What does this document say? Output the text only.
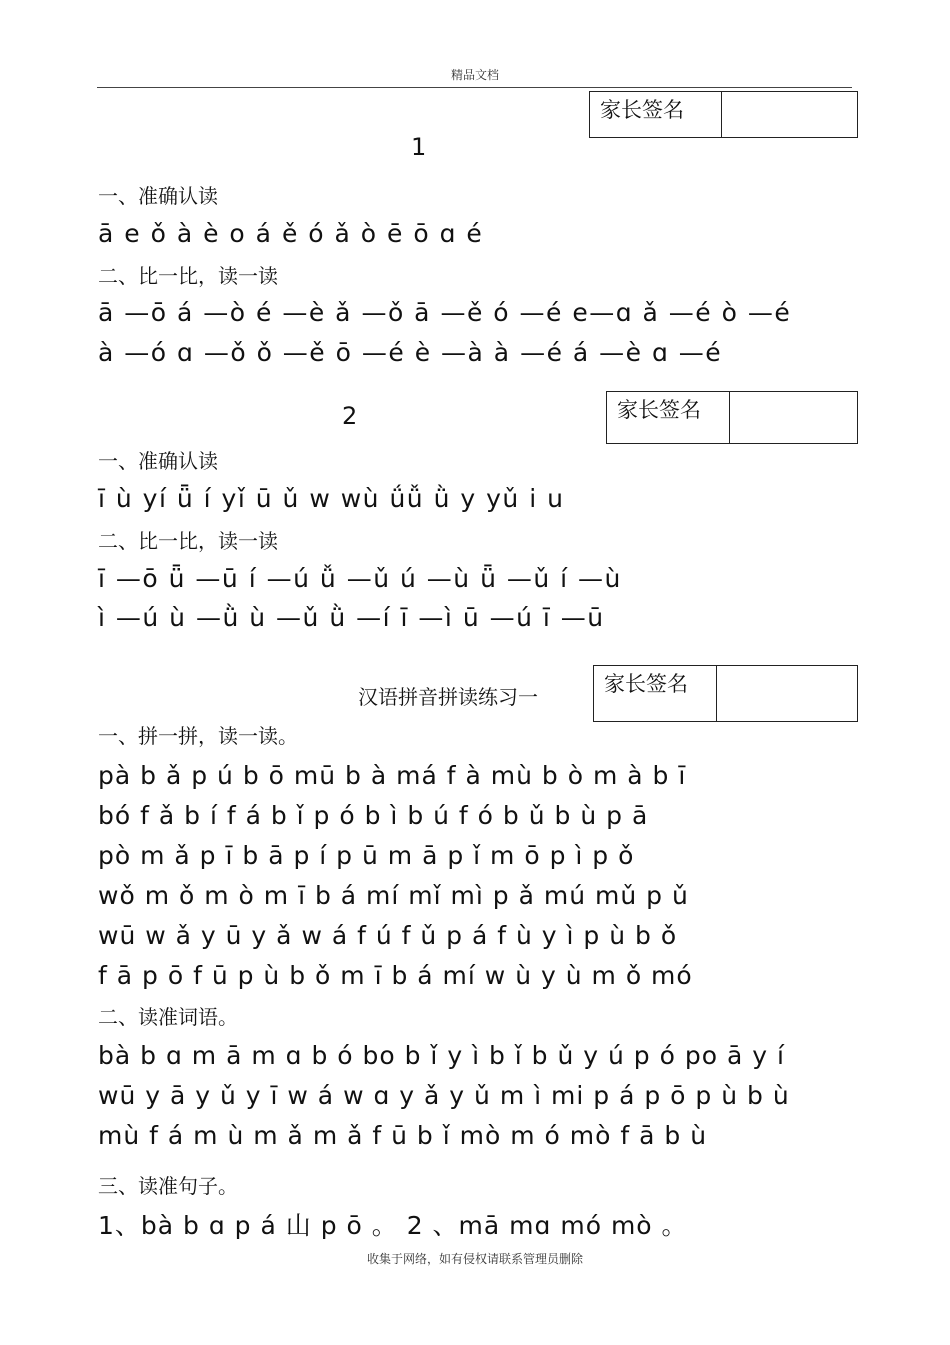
精品文档
家长签名
1
一、准确认读
ā e ǒ à è o á ě ó ǎ ò ē ō ɑ é
二、比一比，读一读
ā —ō á —ò é —è ǎ —ǒ ā —ě ó —é e—ɑ ǎ —é ò —é
à —ó ɑ —ǒ ǒ —ě ō —é è —à à —é á —è ɑ —é
家长签名
2
一、准确认读
ī ù yí ǖ í yǐ ū ǔ w wù ǘǚ ǜ y yǔ i u
二、比一比，读一读
ī —ō ǖ —ū í —ú ǚ —ǔ ú —ù ǖ —ǔ í —ù
ì —ú ù —ǜ ù —ǔ ǜ —í ī —ì ū —ú ī —ū
家长签名
汉语拼音拼读练习一
一、拼一拼，读一读。
pà b ǎ p ú b ō mū b à má f à mù b ò m à b ī
bó f ǎ b í f á b ǐ p ó b ì b ú f ó b ǔ b ù p ā
pò m ǎ p ī b ā p í p ū m ā p ǐ m ō p ì p ǒ
wǒ m ǒ m ò m ī b á mí mǐ mì p ǎ mú mǔ p ǔ
wū w ǎ y ū y ǎ w á f ú f ǔ p á f ù y ì p ù b ǒ
f ā p ō f ū p ù b ǒ m ī b á mí w ù y ù m ǒ mó
二、读准词语。
bà b ɑ m ā m ɑ b ó bo b ǐ y ì b ǐ b ǔ y ú p ó po ā y í
wū y ā y ǔ y ī w á w ɑ y ǎ y ǔ m ì mi p á p ō p ù b ù
mù f á m ù m ǎ m ǎ f ū b ǐ mò m ó mò f ā b ù
三、读准句子。
1、bà b ɑ p á 山 p ō 。 2 、mā mɑ mó mò 。
收集于网络，如有侵权请联系管理员删除
